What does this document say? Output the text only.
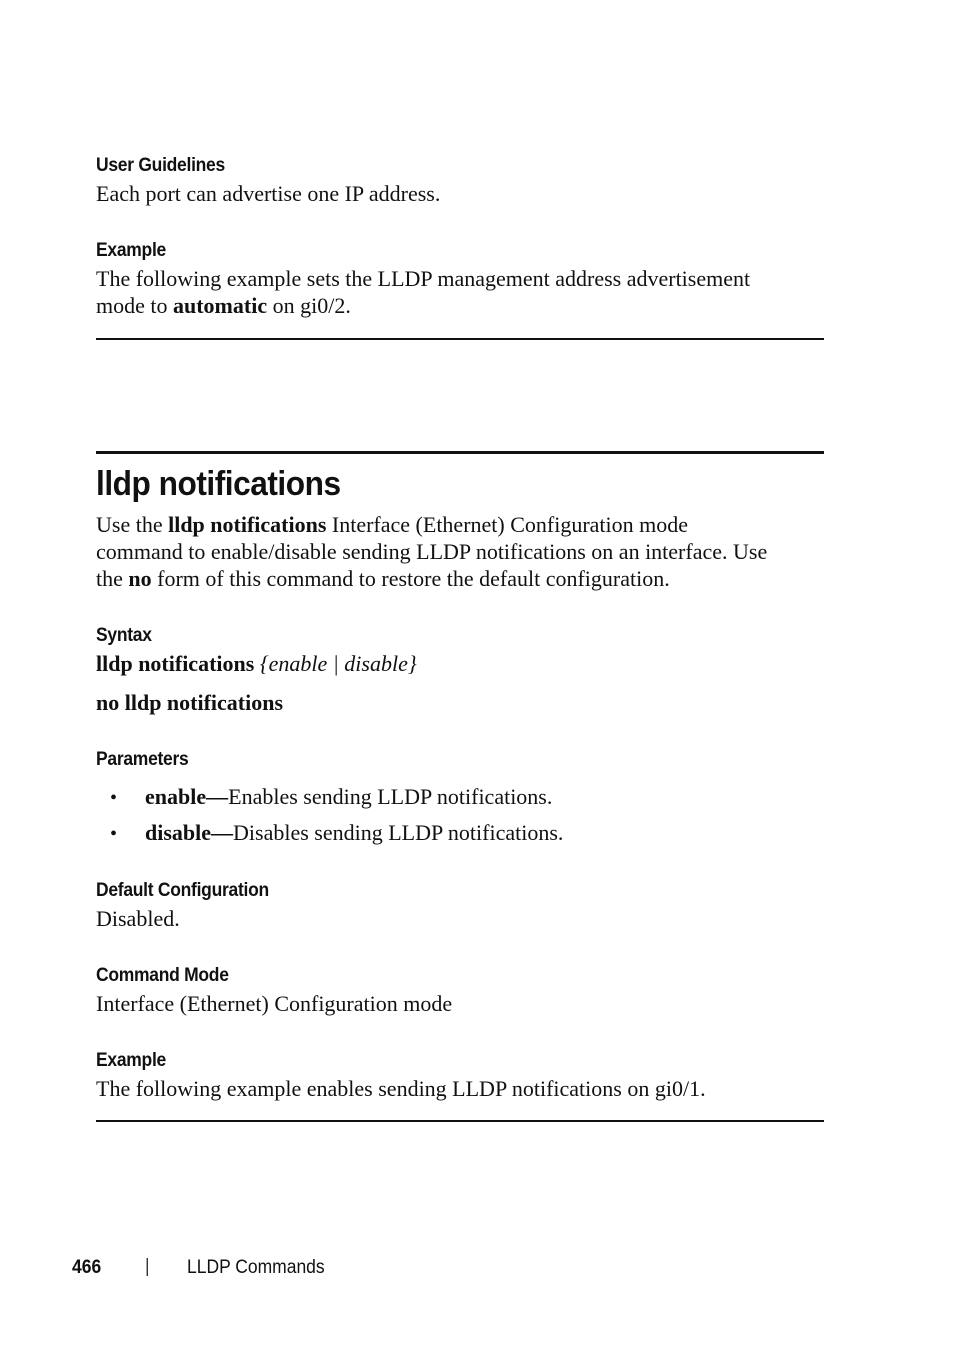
User Guidelines
Each port can advertise one IP address.
Example
The following example sets the LLDP management address advertisement
mode to automatic on gi0/2.
lldp notifications
Use the lldp notifications Interface (Ethernet) Configuration mode
command to enable/disable sending LLDP notifications on an interface. Use
the no form of this command to restore the default configuration.
Syntax
lldp notifications {enable | disable}
no lldp notifications
Parameters
• enable—Enables sending LLDP notifications.
• disable—Disables sending LLDP notifications.
Default Configuration
Disabled.
Command Mode
Interface (Ethernet) Configuration mode
Example
The following example enables sending LLDP notifications on gi0/1.
466 | LLDP Commands
